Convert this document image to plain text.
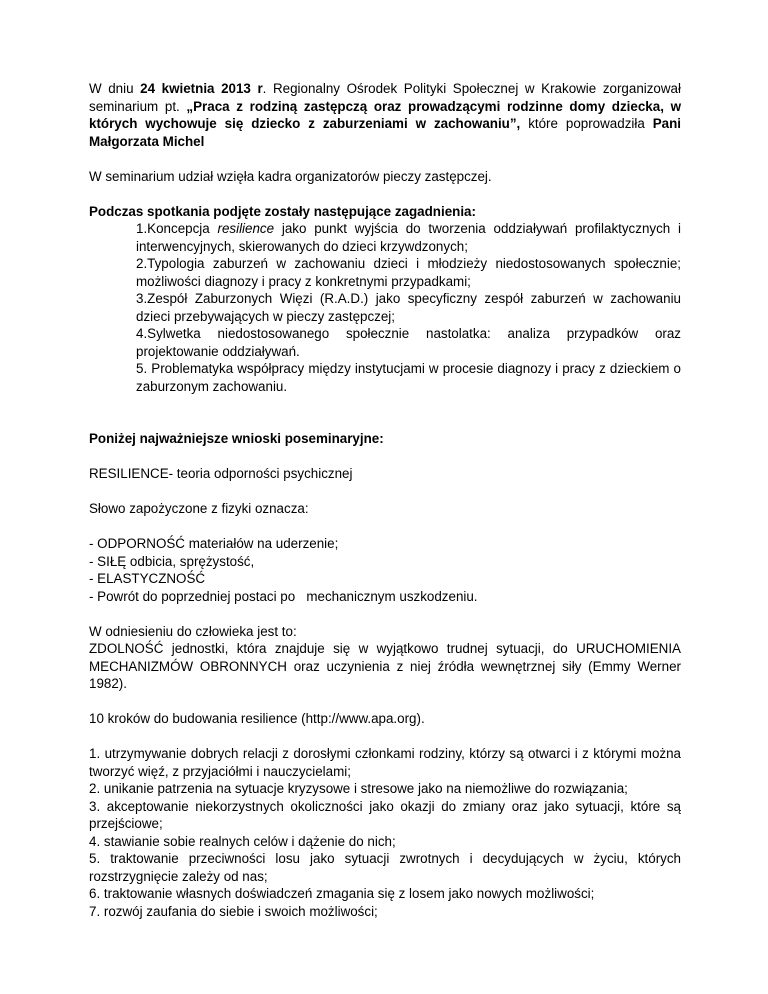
W dniu 24 kwietnia 2013 r. Regionalny Ośrodek Polityki Społecznej w Krakowie zorganizował seminarium pt. „Praca z rodziną zastępczą oraz prowadzącymi rodzinne domy dziecka, w których wychowuje się dziecko z zaburzeniami w zachowaniu”, które poprowadziła Pani Małgorzata Michel

W seminarium udział wzięła kadra organizatorów pieczy zastępczej.

Podczas spotkania podjęte zostały następujące zagadnienia:

1.Koncepcja resilience jako punkt wyjścia do tworzenia oddziaływań profilaktycznych i interwencyjnych, skierowanych do dzieci krzywdzonych;

2.Typologia zaburzeń w zachowaniu dzieci i młodzieży niedostosowanych społecznie; możliwości diagnozy i pracy z konkretnymi przypadkami;

3.Zespół Zaburzonych Więzi (R.A.D.) jako specyficzny zespół zaburzeń w zachowaniu dzieci przebywających w pieczy zastępczej;

4.Sylwetka niedostosowanego społecznie nastolatka: analiza przypadków oraz projektowanie oddziaływań.

5. Problematyka współpracy między instytucjami w procesie diagnozy i pracy z dzieckiem o zaburzonym zachowaniu.

Poniżej najważniejsze wnioski poseminaryjne:

RESILIENCE- teoria odporności psychicznej

Słowo zapożyczone z fizyki oznacza:

- ODPORNOŚĆ materiałów na uderzenie;

- SIŁĘ odbicia, sprężystość,

- ELASTYCZNOŚĆ

- Powrót do poprzedniej postaci po   mechanicznym uszkodzeniu.

W odniesieniu do człowieka jest to:

ZDOLNOŚĆ jednostki, która znajduje się w wyjątkowo trudnej sytuacji, do URUCHOMIENIA MECHANIZMÓW OBRONNYCH oraz uczynienia z niej źródła wewnętrznej siły (Emmy Werner 1982).

10 kroków do budowania resilience (http://www.apa.org).

1. utrzymywanie dobrych relacji z dorosłymi członkami rodziny, którzy są otwarci i z którymi można tworzyć więź, z przyjaciółmi i nauczycielami;

2. unikanie patrzenia na sytuacje kryzysowe i stresowe jako na niemożliwe do rozwiązania;

3. akceptowanie niekorzystnych okoliczności jako okazji do zmiany oraz jako sytuacji, które są przejściowe;

4. stawianie sobie realnych celów i dążenie do nich;

5. traktowanie przeciwności losu jako sytuacji zwrotnych i decydujących w życiu, których rozstrzygnięcie zależy od nas;

6. traktowanie własnych doświadczeń zmagania się z losem jako nowych możliwości;

7. rozwój zaufania do siebie i swoich możliwości;
